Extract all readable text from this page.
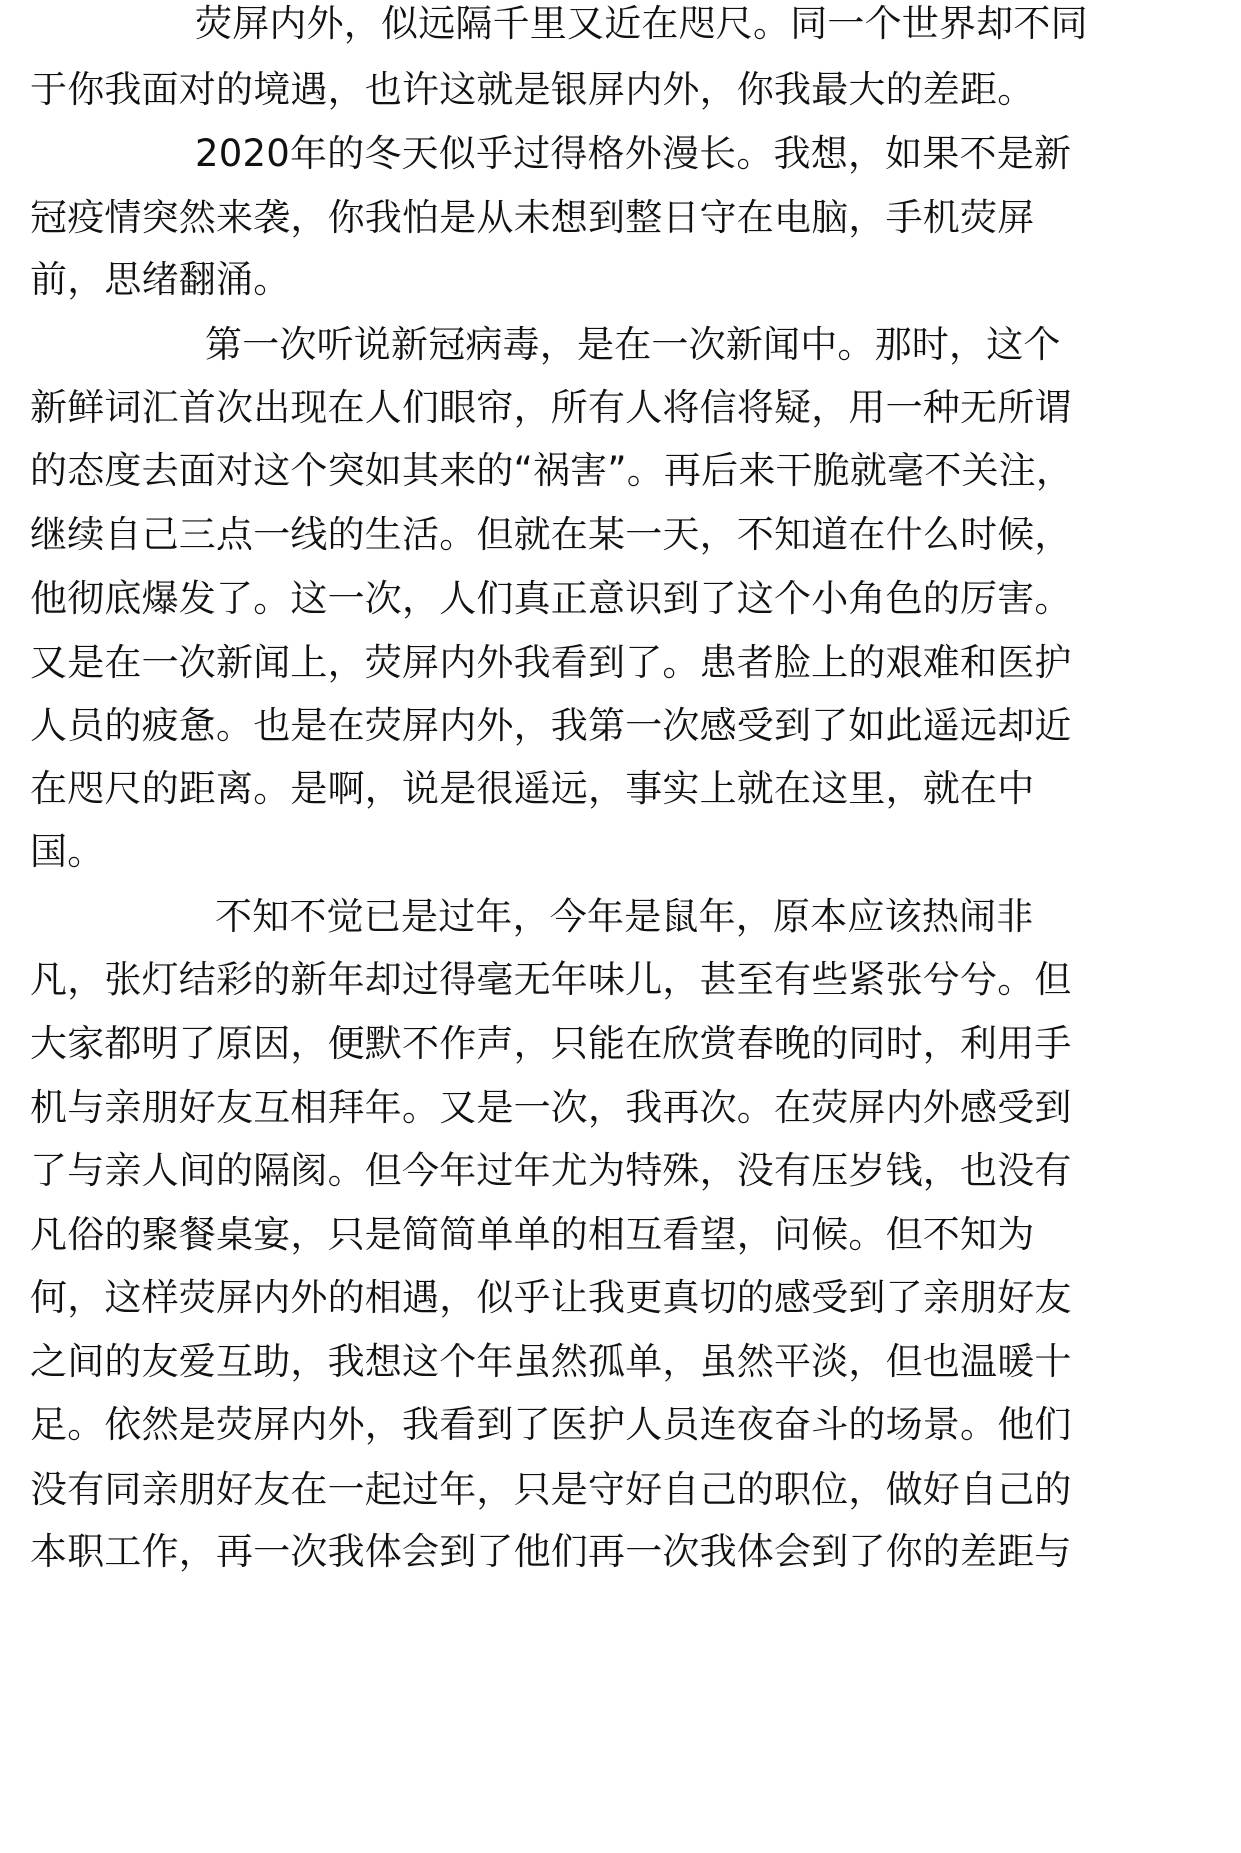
荧屏内外，似远隔千里又近在咫尺。同一个世界却不同
于你我面对的境遇，也许这就是银屏内外，你我最大的差距。
2020年的冬天似乎过得格外漫长。我想，如果不是新
冠疫情突然来袭，你我怕是从未想到整日守在电脑，手机荧屏
前，思绪翻涌。
第一次听说新冠病毒，是在一次新闻中。那时，这个
新鲜词汇首次出现在人们眼帘，所有人将信将疑，用一种无所谓
的态度去面对这个突如其来的“祸害”。再后来干脆就毫不关注，
继续自己三点一线的生活。但就在某一天，不知道在什么时候，
他彻底爆发了。这一次，人们真正意识到了这个小角色的厉害。
又是在一次新闻上，荧屏内外我看到了。患者脸上的艰难和医护
人员的疲惫。也是在荧屏内外，我第一次感受到了如此遥远却近
在咫尺的距离。是啊，说是很遥远，事实上就在这里，就在中
国。
不知不觉已是过年，今年是鼠年，原本应该热闹非
凡，张灯结彩的新年却过得毫无年味儿，甚至有些紧张兮兮。但
大家都明了原因，便默不作声，只能在欣赏春晚的同时，利用手
机与亲朋好友互相拜年。又是一次，我再次。在荧屏内外感受到
了与亲人间的隔阂。但今年过年尤为特殊，没有压岁钱，也没有
凡俗的聚餐桌宴，只是简简单单的相互看望，问候。但不知为
何，这样荧屏内外的相遇，似乎让我更真切的感受到了亲朋好友
之间的友爱互助，我想这个年虽然孤单，虽然平淡，但也温暖十
足。依然是荧屏内外，我看到了医护人员连夜奋斗的场景。他们
没有同亲朋好友在一起过年，只是守好自己的职位，做好自己的
本职工作，再一次我体会到了他们再一次我体会到了你的差距与
